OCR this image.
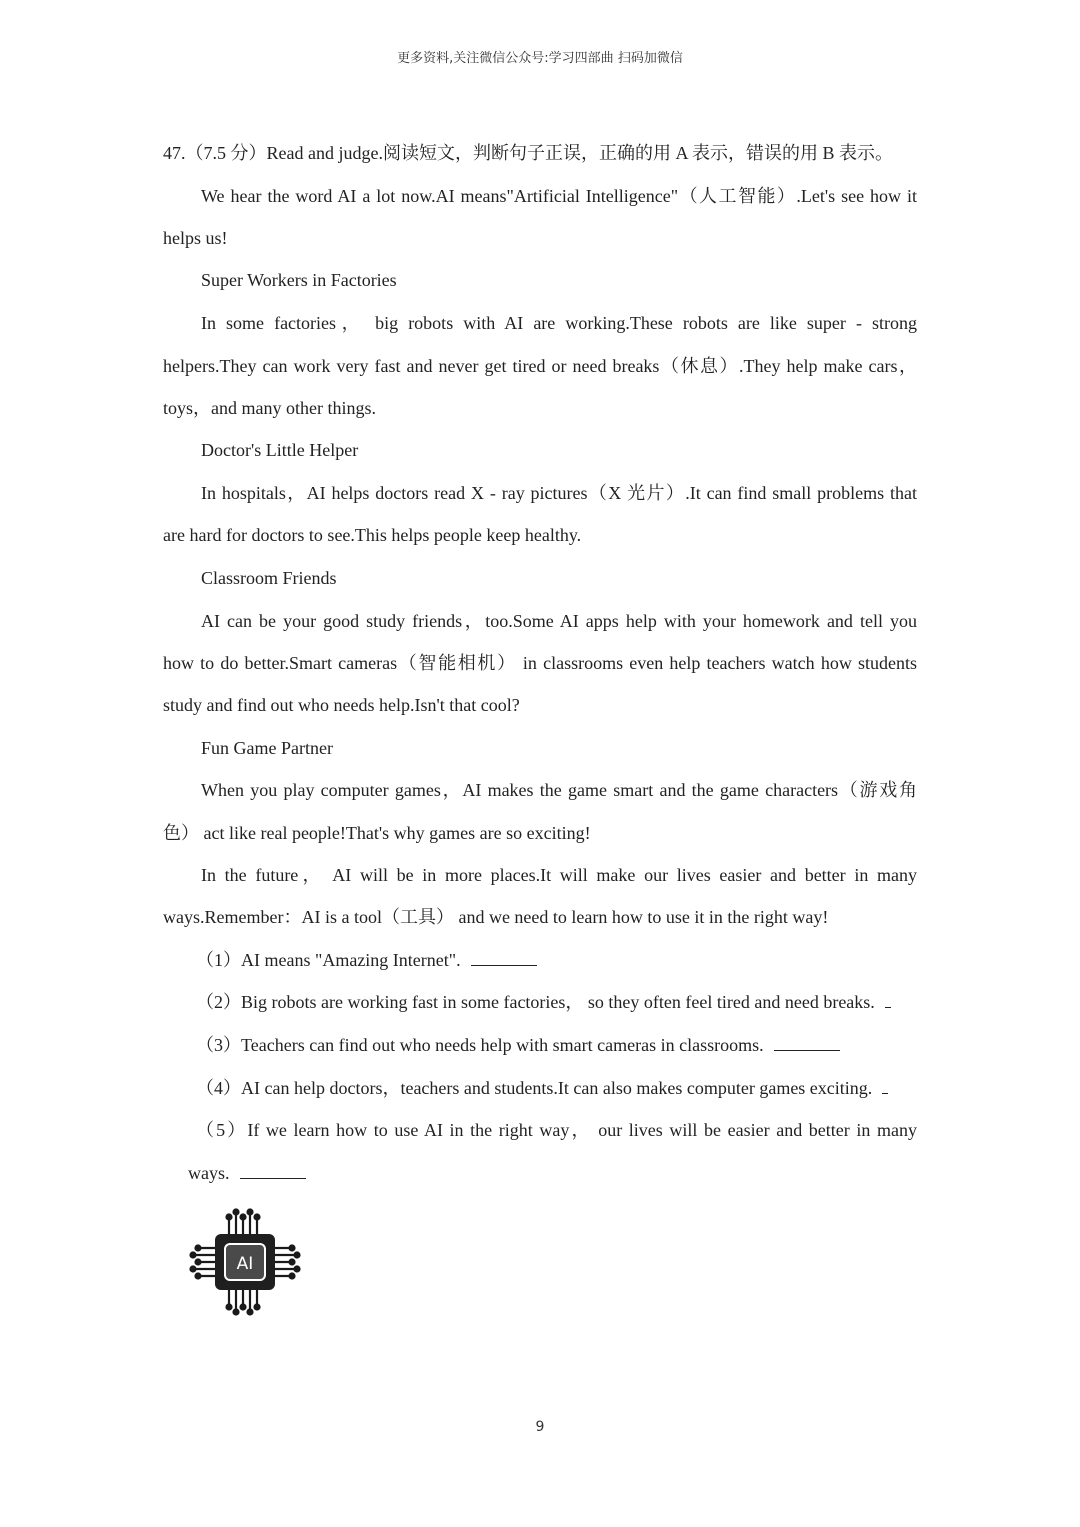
更多资料,关注微信公众号:学习四部曲 扫码加微信
47.（7.5 分）Read and judge.阅读短文，判断句子正误，正确的用 A 表示，错误的用 B 表示。
We hear the word AI a lot now.AI means"Artificial Intelligence"（人工智能）.Let's see how it
helps us!
Super Workers in Factories
In some factories， big robots with AI are working.These robots are like super - strong
helpers.They can work very fast and never get tired or need breaks（休息）.They help make cars，
toys，and many other things.
Doctor's Little Helper
In hospitals，AI helps doctors read X - ray pictures（X 光片）.It can find small problems that
are hard for doctors to see.This helps people keep healthy.
Classroom Friends
AI can be your good study friends，too.Some AI apps help with your homework and tell you
how to do better.Smart cameras（智能相机） in classrooms even help teachers watch how students
study and find out who needs help.Isn't that cool?
Fun Game Partner
When you play computer games，AI makes the game smart and the game characters（游戏角
色） act like real people!That's why games are so exciting!
In the future， AI will be in more places.It will make our lives easier and better in many
ways.Remember：AI is a tool（工具） and we need to learn how to use it in the right way!
（1）AI means "Amazing Internet".
（2）Big robots are working fast in some factories， so they often feel tired and need breaks.
（3）Teachers can find out who needs help with smart cameras in classrooms.
（4）AI can help doctors，teachers and students.It can also makes computer games exciting.
（5）If we learn how to use AI in the right way， our lives will be easier and better in many
ways.
AI
9
